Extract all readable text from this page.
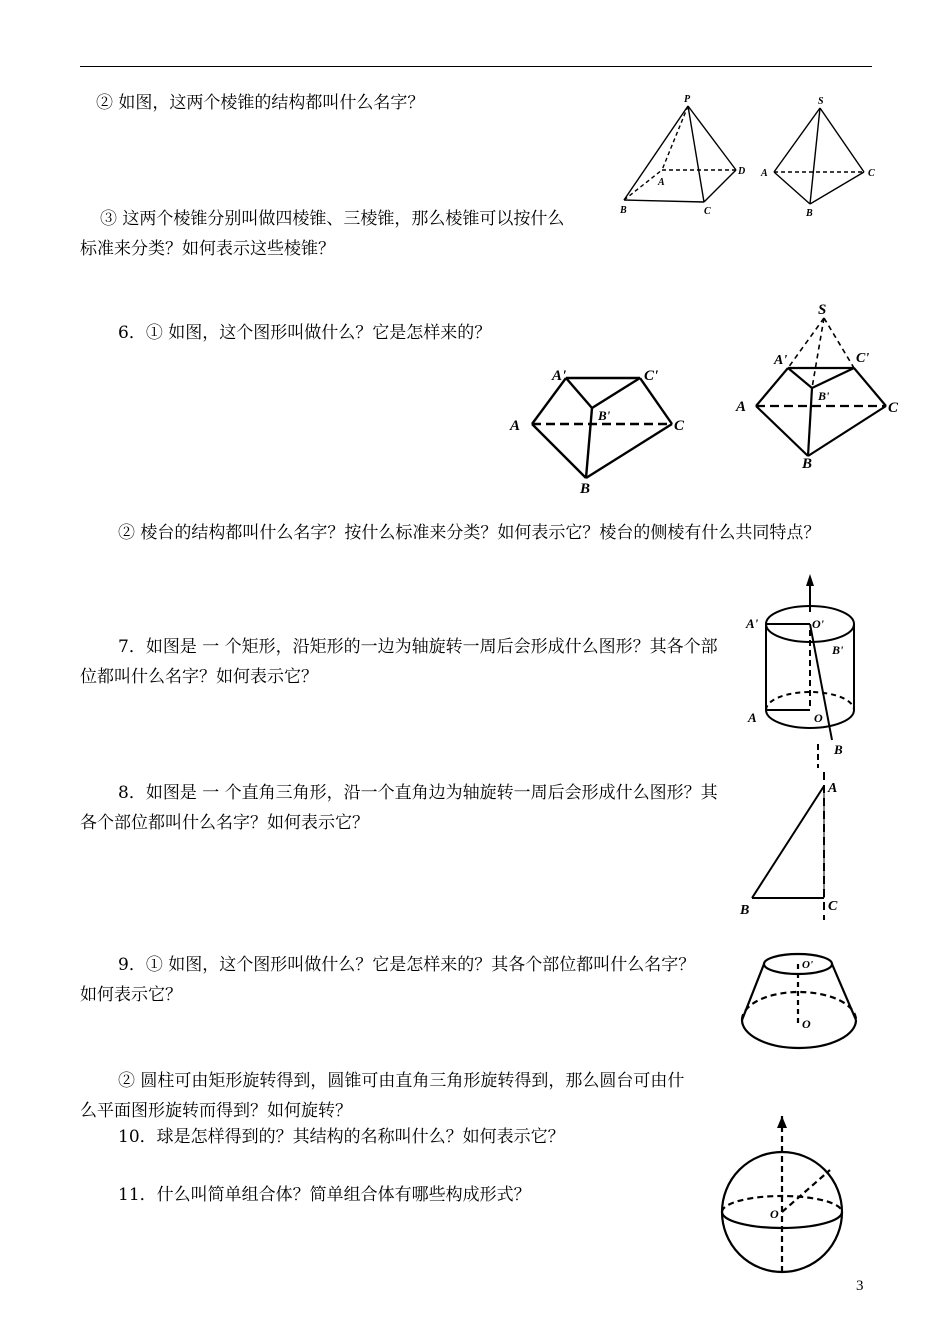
② 如图，这两个棱锥的结构都叫什么名字？

③ 这两个棱锥分别叫做四棱锥、三棱锥，那么棱锥可以按什么标准来分类？如何表示这些棱锥？

6．① 如图，这个图形叫做什么？它是怎样来的？

② 棱台的结构都叫什么名字？按什么标准来分类？如何表示它？棱台的侧棱有什么共同特点？

7．如图是 一 个矩形，沿矩形的一边为轴旋转一周后会形成什么图形？其各个部位都叫什么名字？如何表示它？

8．如图是 一 个直角三角形，沿一个直角边为轴旋转一周后会形成什么图形？其各个部位都叫什么名字？如何表示它？

9．① 如图，这个图形叫做什么？它是怎样来的？其各个部位都叫什么名字？如何表示它？

② 圆柱可由矩形旋转得到，圆锥可由直角三角形旋转得到，那么圆台可由什么平面图形旋转而得到？如何旋转？

10．球是怎样得到的？其结构的名称叫什么？如何表示它？

11．什么叫简单组合体？简单组合体有哪些构成形式？

P
A
B	C
D
S
A
B
C
A'	C'
B'
A	C
B
S
A'	C'
B'
A	C
B
A'	O'
B'
A	O
B
A
B	C
O'
O
O
3
